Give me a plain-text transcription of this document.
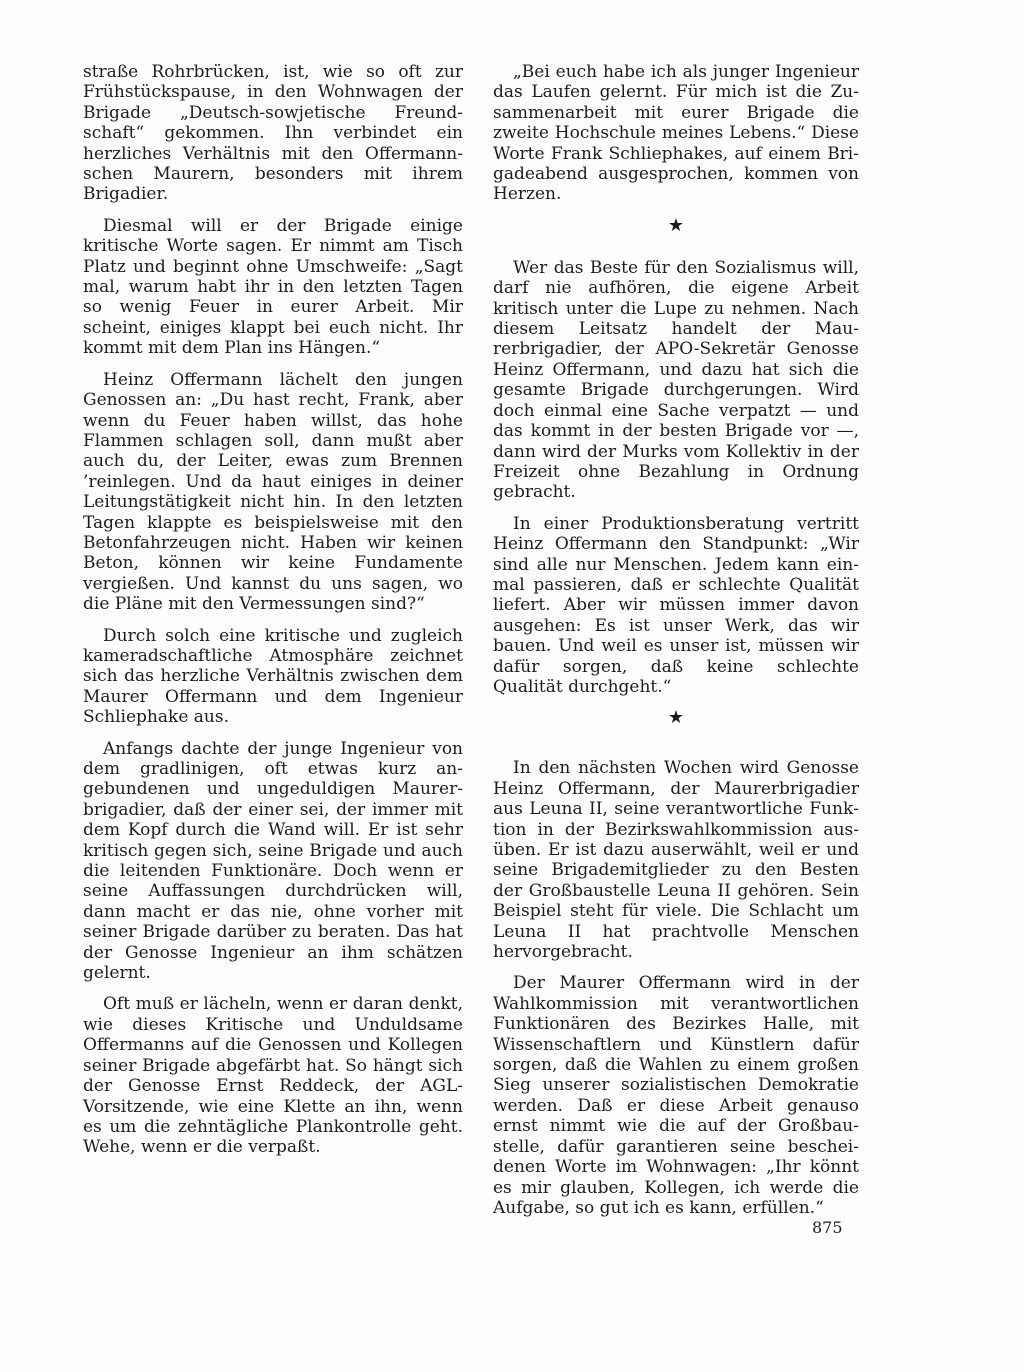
straße Rohrbrücken, ist, wie so oft zur Frühstückspause, in den Wohnwagen der Brigade „Deutsch-sowjetische Freundschaft“ gekommen. Ihn verbindet ein herzliches Verhältnis mit den Offermannschen Maurern, besonders mit ihrem Brigadier.

Diesmal will er der Brigade einige kritische Worte sagen. Er nimmt am Tisch Platz und beginnt ohne Umschweife: „Sagt mal, warum habt ihr in den letzten Tagen so wenig Feuer in eurer Arbeit. Mir scheint, einiges klappt bei euch nicht. Ihr kommt mit dem Plan ins Hängen.“

Heinz Offermann lächelt den jungen Genossen an: „Du hast recht, Frank, aber wenn du Feuer haben willst, das hohe Flammen schlagen soll, dann mußt aber auch du, der Leiter, ewas zum Brennen ’reinlegen. Und da haut einiges in deiner Leitungstätigkeit nicht hin. In den letzten Tagen klappte es beispielsweise mit den Betonfahrzeugen nicht. Haben wir keinen Beton, können wir keine Fundamente vergießen. Und kannst du uns sagen, wo die Pläne mit den Vermessungen sind?“

Durch solch eine kritische und zugleich kameradschaftliche Atmosphäre zeichnet sich das herzliche Verhältnis zwischen dem Maurer Offermann und dem Ingenieur Schliephake aus.

Anfangs dachte der junge Ingenieur von dem gradlinigen, oft etwas kurz angebundenen und ungeduldigen Maurerbrigadier, daß der einer sei, der immer mit dem Kopf durch die Wand will. Er ist sehr kritisch gegen sich, seine Brigade und auch die leitenden Funktionäre. Doch wenn er seine Auffassungen durchdrücken will, dann macht er das nie, ohne vorher mit seiner Brigade darüber zu beraten. Das hat der Genosse Ingenieur an ihm schätzen gelernt.

Oft muß er lächeln, wenn er daran denkt, wie dieses Kritische und Unduldsame Offermanns auf die Genossen und Kollegen seiner Brigade abgefärbt hat. So hängt sich der Genosse Ernst Reddeck, der AGL-Vorsitzende, wie eine Klette an ihn, wenn es um die zehntägliche Plankontrolle geht. Wehe, wenn er die verpaßt.

„Bei euch habe ich als junger Ingenieur das Laufen gelernt. Für mich ist die Zusammenarbeit mit eurer Brigade die zweite Hochschule meines Lebens.“ Diese Worte Frank Schliephakes, auf einem Brigadeabend ausgesprochen, kommen von Herzen.

★

Wer das Beste für den Sozialismus will, darf nie aufhören, die eigene Arbeit kritisch unter die Lupe zu nehmen. Nach diesem Leitsatz handelt der Maurerbrigadier, der APO-Sekretär Genosse Heinz Offermann, und dazu hat sich die gesamte Brigade durchgerungen. Wird doch einmal eine Sache verpatzt — und das kommt in der besten Brigade vor —, dann wird der Murks vom Kollektiv in der Freizeit ohne Bezahlung in Ordnung gebracht.

In einer Produktionsberatung vertritt Heinz Offermann den Standpunkt: „Wir sind alle nur Menschen. Jedem kann einmal passieren, daß er schlechte Qualität liefert. Aber wir müssen immer davon ausgehen: Es ist unser Werk, das wir bauen. Und weil es unser ist, müssen wir dafür sorgen, daß keine schlechte Qualität durchgeht.“

★

In den nächsten Wochen wird Genosse Heinz Offermann, der Maurerbrigadier aus Leuna II, seine verantwortliche Funktion in der Bezirkswahlkommission ausüben. Er ist dazu auserwählt, weil er und seine Brigademitglieder zu den Besten der Großbaustelle Leuna II gehören. Sein Beispiel steht für viele. Die Schlacht um Leuna II hat prachtvolle Menschen hervorgebracht.

Der Maurer Offermann wird in der Wahlkommission mit verantwortlichen Funktionären des Bezirkes Halle, mit Wissenschaftlern und Künstlern dafür sorgen, daß die Wahlen zu einem großen Sieg unserer sozialistischen Demokratie werden. Daß er diese Arbeit genauso ernst nimmt wie die auf der Großbaustelle, dafür garantieren seine bescheidenen Worte im Wohnwagen: „Ihr könnt es mir glauben, Kollegen, ich werde die Aufgabe, so gut ich es kann, erfüllen.“

875
